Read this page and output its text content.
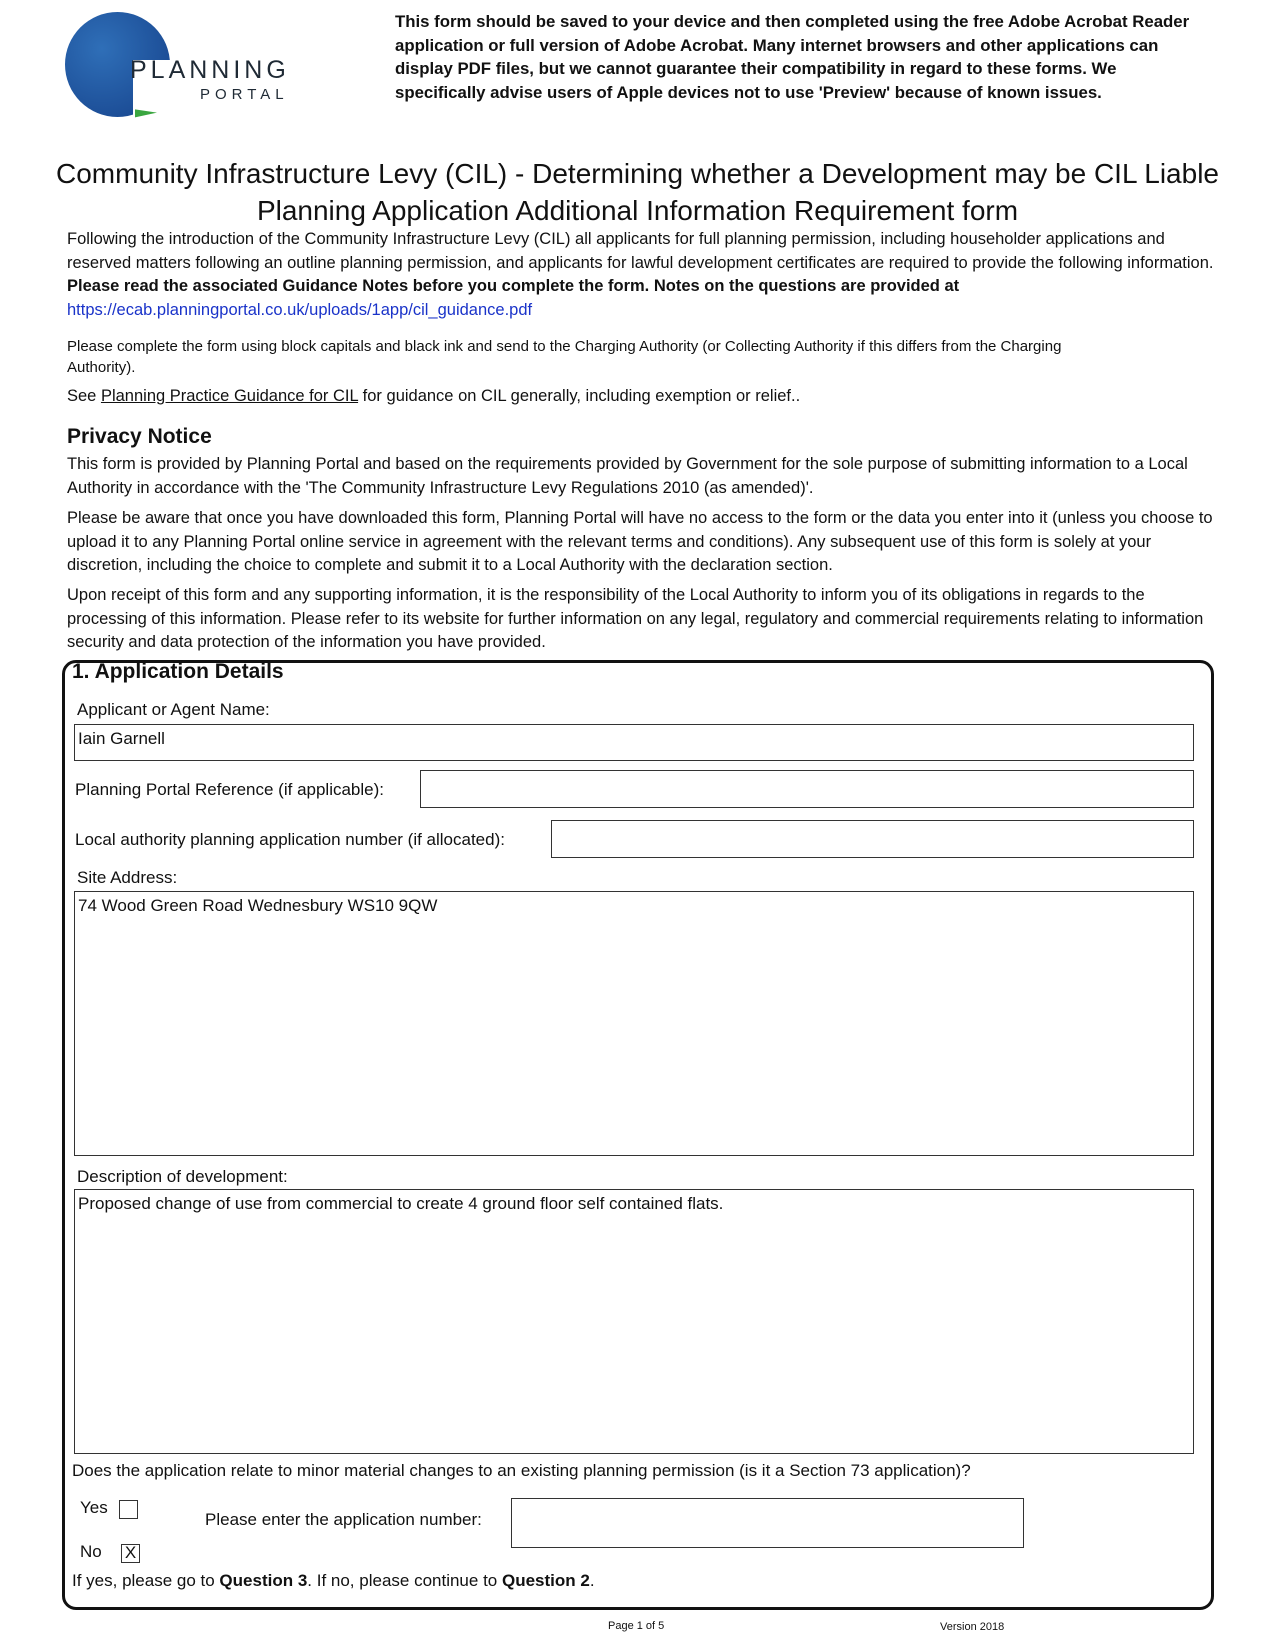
PLANNING
PORTAL
This form should be saved to your device and then completed using the free Adobe Acrobat Reader application or full version of Adobe Acrobat. Many internet browsers and other applications can display PDF files, but we cannot guarantee their compatibility in regard to these forms. We specifically advise users of Apple devices not to use 'Preview' because of known issues.
Community Infrastructure Levy (CIL) - Determining whether a Development may be CIL Liable Planning Application Additional Information Requirement form
Following the introduction of the Community Infrastructure Levy (CIL) all applicants for full planning permission, including householder applications and reserved matters following an outline planning permission, and applicants for lawful development certificates are required to provide the following information. Please read the associated Guidance Notes before you complete the form. Notes on the questions are provided at https://ecab.planningportal.co.uk/uploads/1app/cil_guidance.pdf
Please complete the form using block capitals and black ink and send to the Charging Authority (or Collecting Authority if this differs from the Charging Authority).
See Planning Practice Guidance for CIL for guidance on CIL generally, including exemption or relief..
Privacy Notice
This form is provided by Planning Portal and based on the requirements provided by Government for the sole purpose of submitting information to a Local Authority in accordance with the 'The Community Infrastructure Levy Regulations 2010 (as amended)'.
Please be aware that once you have downloaded this form, Planning Portal will have no access to the form or the data you enter into it (unless you choose to upload it to any Planning Portal online service in agreement with the relevant terms and conditions). Any subsequent use of this form is solely at your discretion, including the choice to complete and submit it to a Local Authority with the declaration section.
Upon receipt of this form and any supporting information, it is the responsibility of the Local Authority to inform you of its obligations in regards to the processing of this information. Please refer to its website for further information on any legal, regulatory and commercial requirements relating to information security and data protection of the information you have provided.
1. Application Details
Applicant or Agent Name:
Iain Garnell
Planning Portal Reference (if applicable):
Local authority planning application number (if allocated):
Site Address:
74 Wood Green Road Wednesbury WS10 9QW
Description of development:
Proposed change of use from commercial to create 4 ground floor self contained flats.
Does the application relate to minor material changes to an existing planning permission (is it a Section 73 application)?
Yes
Please enter the application number:
No X
If yes, please go to Question 3. If no, please continue to Question 2.
Page 1 of 5	Version 2018
